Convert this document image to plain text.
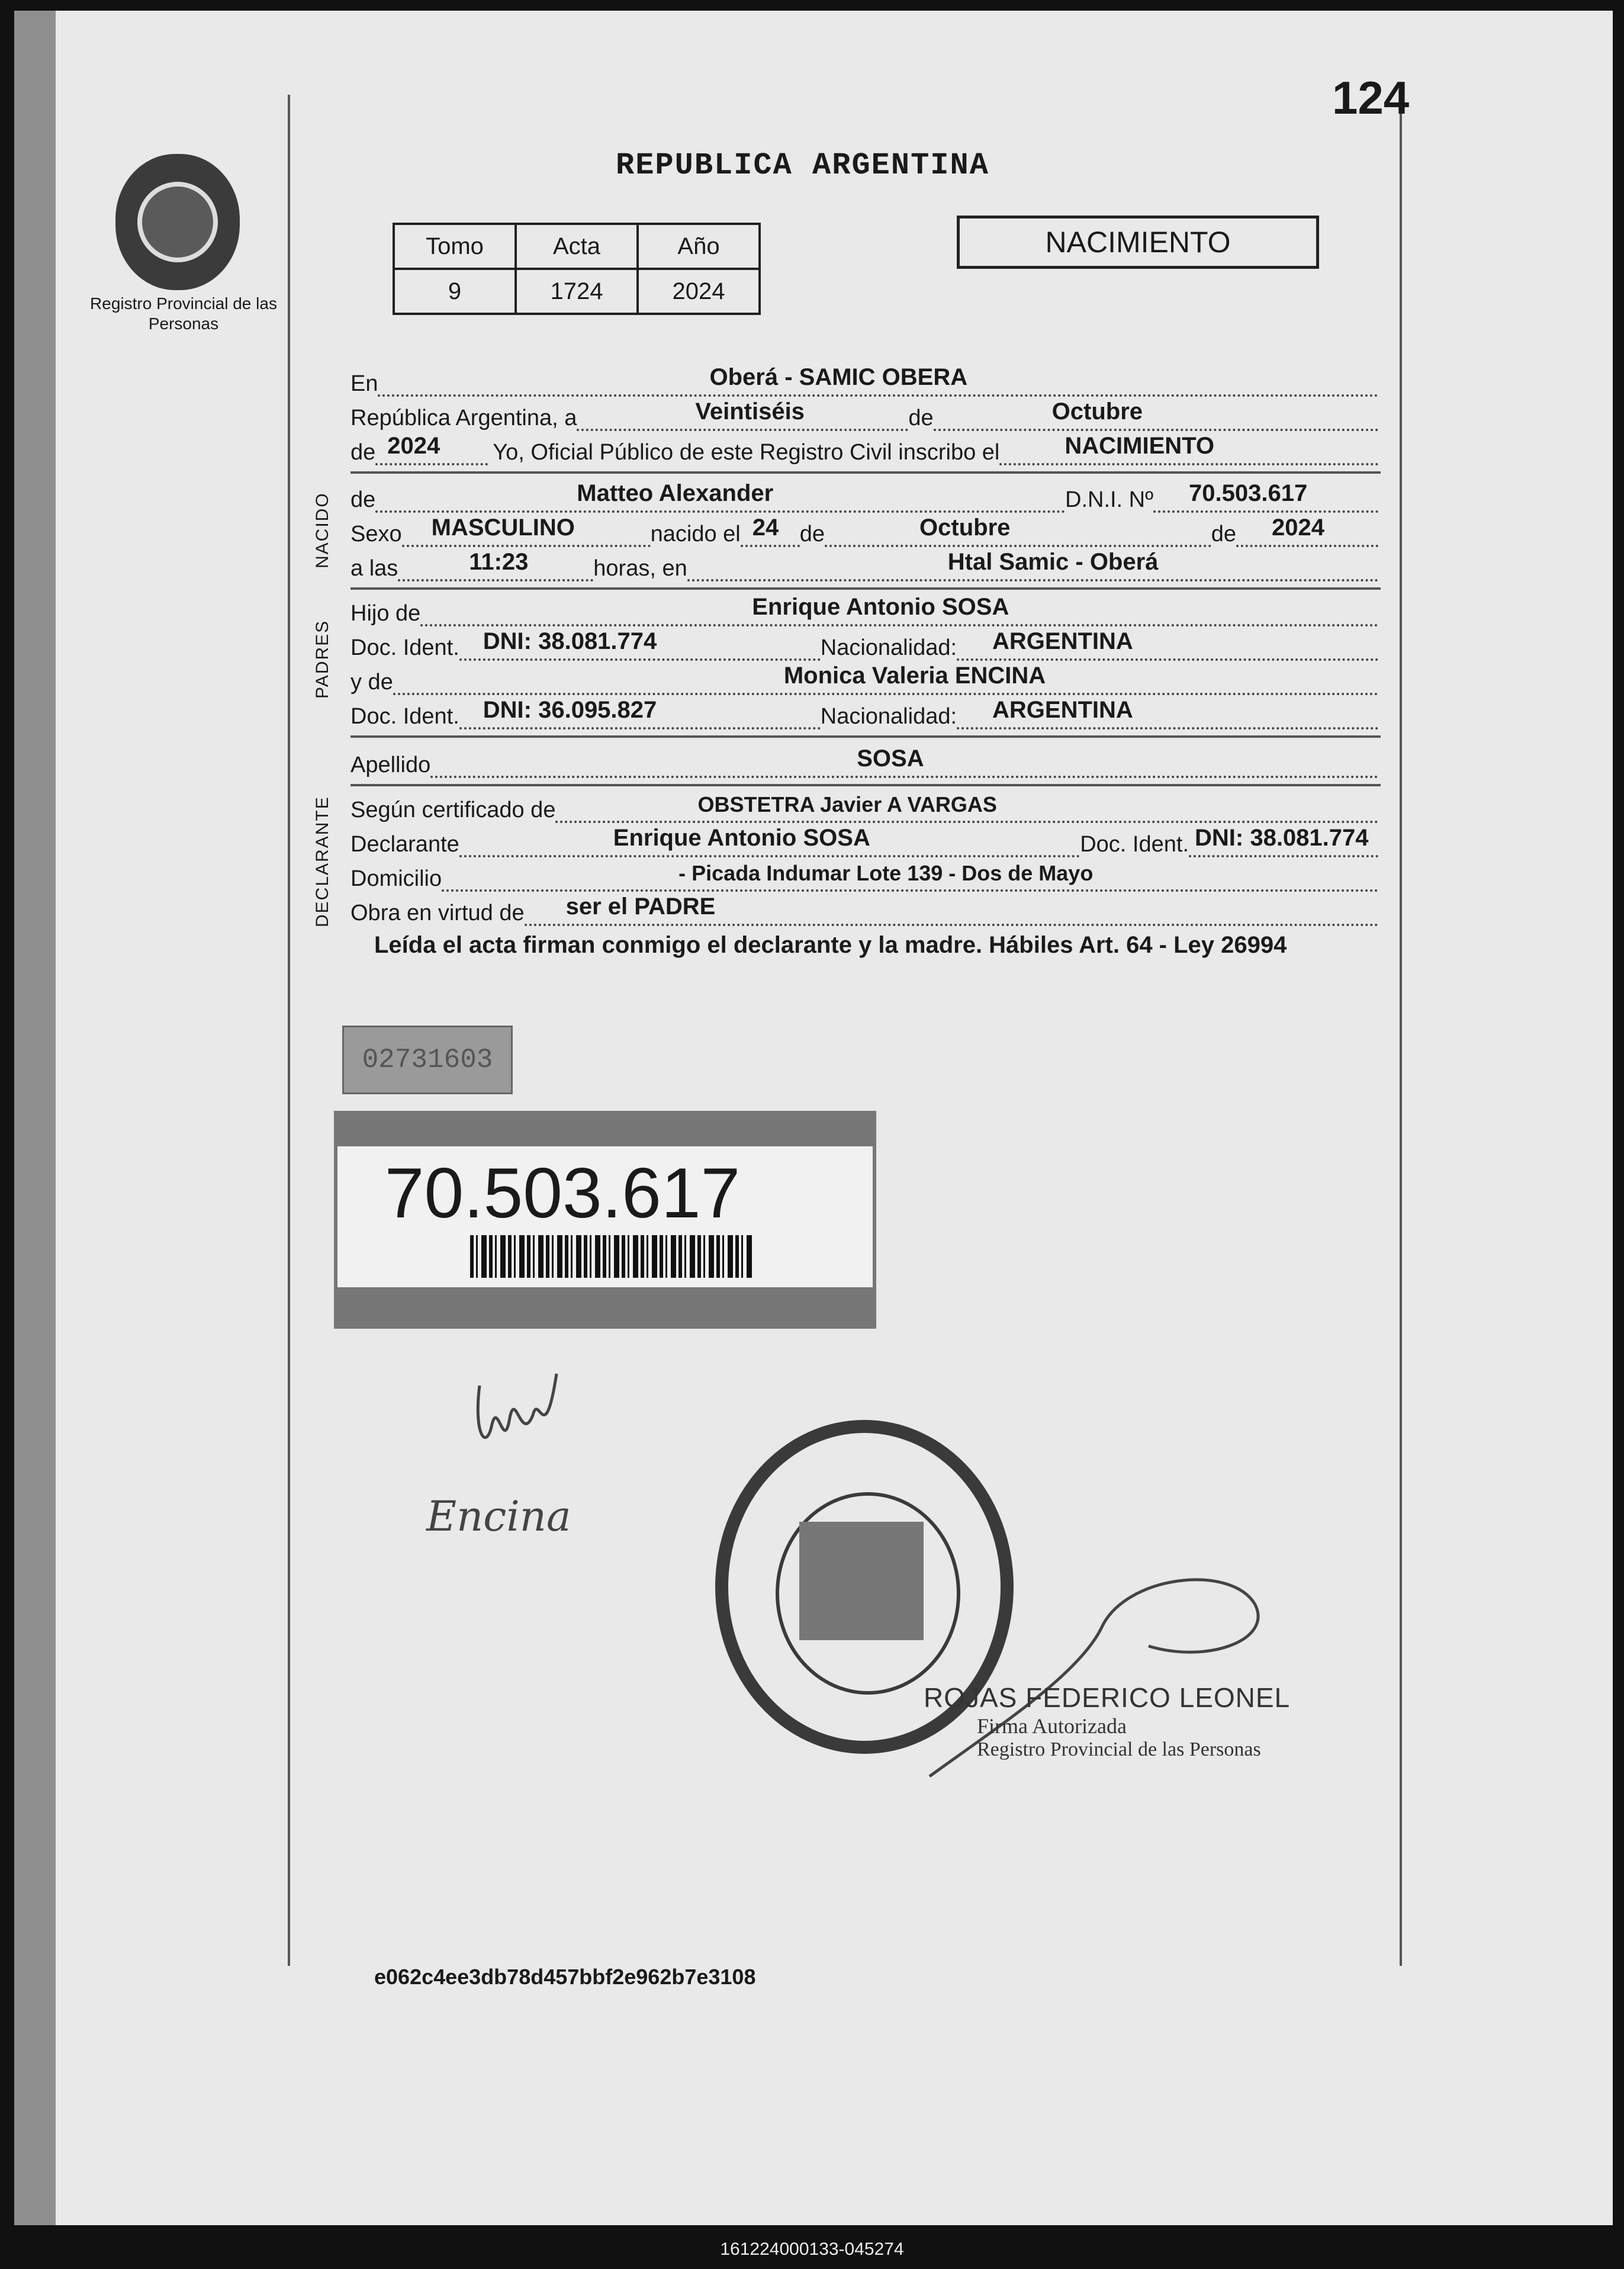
124
Registro Provincial de las Personas
REPUBLICA ARGENTINA
Tomo	Acta	Año
9	1724	2024
NACIMIENTO
En	Oberá - SAMIC OBERA
República Argentina, a	Veintiséis	de	Octubre
de 2024 Yo, Oficial Público de este Registro Civil inscribo el	NACIMIENTO
NACIDO de	Matteo Alexander	D.N.I. Nº 70.503.617
Sexo MASCULINO	nacido el 24 de	Octubre	de 2024
a las	11:23	horas, en	Htal Samic - Oberá
PADRES
Hijo de	Enrique Antonio SOSA
Doc. Ident. DNI: 38.081.774	Nacionalidad: ARGENTINA
y de	Monica Valeria ENCINA
Doc. Ident. DNI: 36.095.827	Nacionalidad: ARGENTINA
Apellido	SOSA
DECLARANTE Según certificado de	OBSTETRA Javier A VARGAS
Declarante	Enrique Antonio SOSA	Doc. Ident. DNI: 38.081.774
Domicilio	- Picada Indumar Lote 139 - Dos de Mayo
Obra en virtud de ser el PADRE
Leída el acta firman conmigo el declarante y la madre. Hábiles Art. 64 - Ley 26994
02731603
70.503.617
Encina
ROJAS FEDERICO LEONEL
Firma Autorizada
Registro Provincial de las Personas
e062c4ee3db78d457bbf2e962b7e3108
161224000133-045274
